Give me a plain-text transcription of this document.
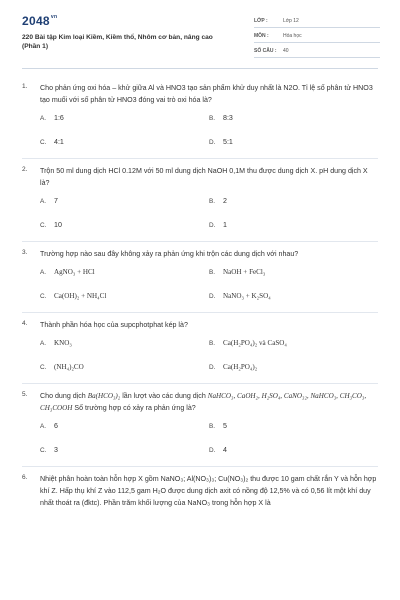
$2048^{vn}$
220 Bài tập Kim loại Kiềm, Kiềm thổ, Nhôm cơ bản, nâng cao (Phần 1)
LỚP :	Lớp 12
MÔN :	Hóa học
SỐ CÂU :	40
1. Cho phản ứng oxi hóa – khử giữa Al và HNO3 tạo sản phẩm khử duy nhất là N2O. Tỉ lệ số phân tử HNO3 tạo muối với số phân tử HNO3 đóng vai trò oxi hóa là?
A.	1:6	B.	8:3
C.	4:1	D.	5:1
2. Trộn 50 ml dung dịch HCl 0.12M với 50 ml dung dịch NaOH 0,1M thu được dung dịch X. pH dung dịch X là?
A.	7	B.	2
C.	10	D.	1
3. Trường hợp nào sau đây không xảy ra phản ứng khi trộn các dung dịch với nhau?
A.	AgNO₃ + HCl	B.	NaOH + FeCl₃
C.	Ca(OH)₂ + NH₄Cl	D.	NaNO₃ + K₂SO₄
4. Thành phần hóa học của supcphotphat kép là?
A.	KNO₃	B.	Ca(H₂PO₄)₂ và CaSO₄
C.	(NH₄)₂CO	D.	Ca(H₂PO₄)₂
5. Cho dung dịch Ba(HCO₃)₂ lần lượt vào các dung dịch NaHCO₃, CaOH₂, H₂SO₄, CaNO₃₂, NaHCO₃, CH₃CO₃, CH₃COOH Số trường hợp có xảy ra phản ứng là?
A.	6	B.	5
C.	3	D.	4
6. Nhiệt phân hoàn toàn hỗn hợp X gồm NaNO₃; Al(NO₃)₃; Cu(NO₃)₂ thu được 10 gam chất rắn Y và hỗn hợp khí Z. Hấp thụ khí Z vào 112,5 gam H₂O được dung dịch axit có nồng độ 12,5% và có 0,56 lít một khí duy nhất thoát ra (đktc). Phần trăm khối lượng của NaNO₃ trong hỗn hợp X là
